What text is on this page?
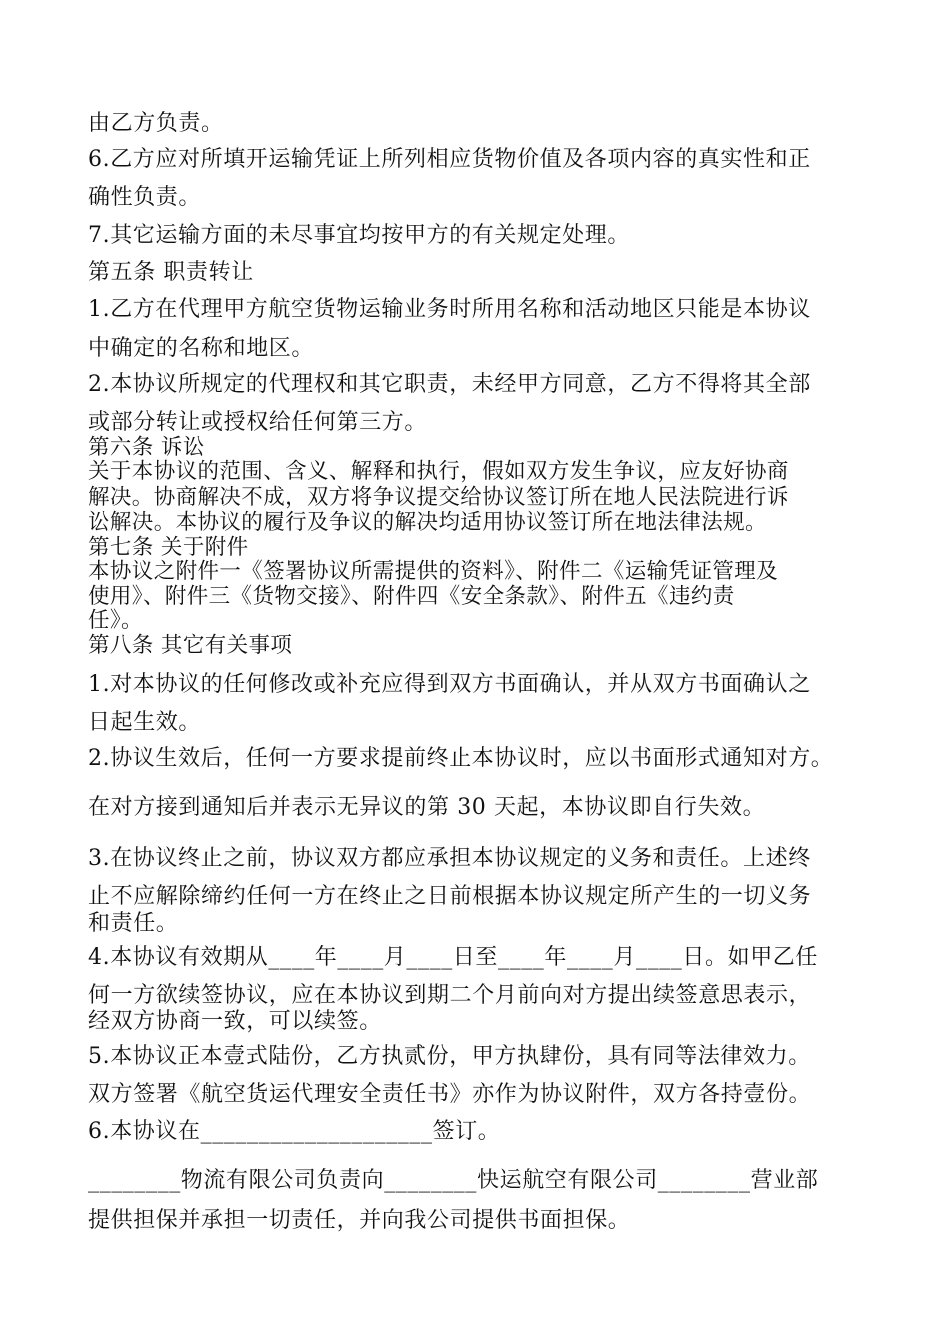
由乙方负责。
6.乙方应对所填开运输凭证上所列相应货物价值及各项内容的真实性和正
确性负责。
7.其它运输方面的未尽事宜均按甲方的有关规定处理。
第五条 职责转让
1.乙方在代理甲方航空货物运输业务时所用名称和活动地区只能是本协议
中确定的名称和地区。
2.本协议所规定的代理权和其它职责，未经甲方同意，乙方不得将其全部
或部分转让或授权给任何第三方。
第六条 诉讼
关于本协议的范围、含义、解释和执行，假如双方发生争议，应友好协商
解决。协商解决不成，双方将争议提交给协议签订所在地人民法院进行诉
讼解决。本协议的履行及争议的解决均适用协议签订所在地法律法规。
第七条 关于附件
本协议之附件一《签署协议所需提供的资料》、附件二《运输凭证管理及
使用》、附件三《货物交接》、附件四《安全条款》、附件五《违约责
任》。
第八条 其它有关事项
1.对本协议的任何修改或补充应得到双方书面确认，并从双方书面确认之
日起生效。
2.协议生效后，任何一方要求提前终止本协议时，应以书面形式通知对方。
在对方接到通知后并表示无异议的第 30 天起，本协议即自行失效。
3.在协议终止之前，协议双方都应承担本协议规定的义务和责任。上述终
止不应解除缔约任何一方在终止之日前根据本协议规定所产生的一切义务
和责任。
4.本协议有效期从____年____月____日至____年____月____日。如甲乙任
何一方欲续签协议，应在本协议到期二个月前向对方提出续签意思表示，
经双方协商一致，可以续签。
5.本协议正本壹式陆份，乙方执贰份，甲方执肆份，具有同等法律效力。
双方签署《航空货运代理安全责任书》亦作为协议附件，双方各持壹份。
6.本协议在____________________签订。
________物流有限公司负责向________快运航空有限公司________营业部
提供担保并承担一切责任，并向我公司提供书面担保。
